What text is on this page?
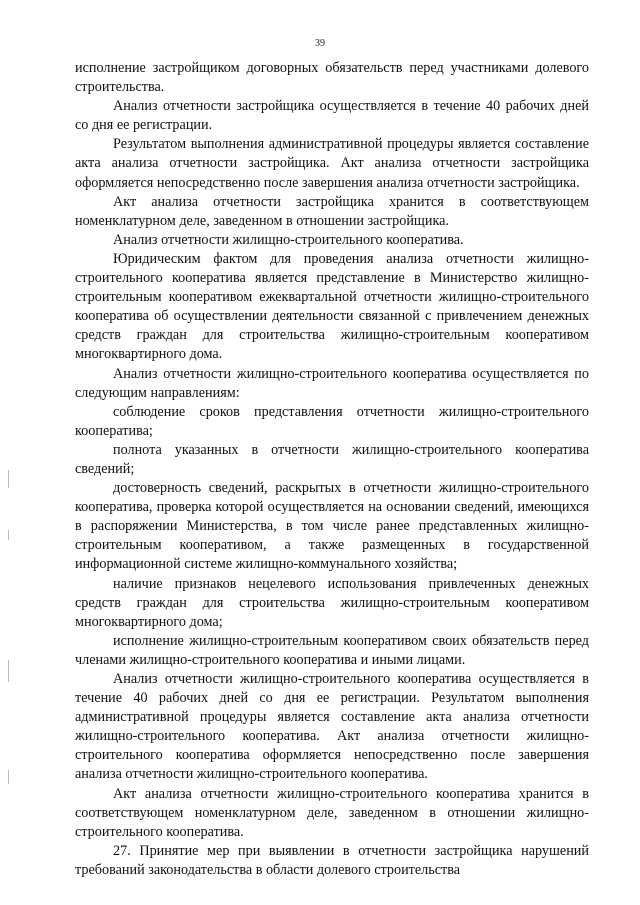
39

исполнение застройщиком договорных обязательств перед участниками долевого строительства.

Анализ отчетности застройщика осуществляется в течение 40 рабочих дней со дня ее регистрации.

Результатом выполнения административной процедуры является составление акта анализа отчетности застройщика. Акт анализа отчетности застройщика оформляется непосредственно после завершения анализа отчетности застройщика.

Акт анализа отчетности застройщика хранится в соответствующем номенклатурном деле, заведенном в отношении застройщика.

Анализ отчетности жилищно-строительного кооператива.

Юридическим фактом для проведения анализа отчетности жилищно-строительного кооператива является представление в Министерство жилищно-строительным кооперативом ежеквартальной отчетности жилищно-строительного кооператива об осуществлении деятельности связанной с привлечением денежных средств граждан для строительства жилищно-строительным кооперативом многоквартирного дома.

Анализ отчетности жилищно-строительного кооператива осуществляется по следующим направлениям:

соблюдение сроков представления отчетности жилищно-строительного кооператива;

полнота указанных в отчетности жилищно-строительного кооператива сведений;

достоверность сведений, раскрытых в отчетности жилищно-строительного кооператива, проверка которой осуществляется на основании сведений, имеющихся в распоряжении Министерства, в том числе ранее представленных жилищно-строительным кооперативом, а также размещенных в государственной информационной системе жилищно-коммунального хозяйства;

наличие признаков нецелевого использования привлеченных денежных средств граждан для строительства жилищно-строительным кооперативом многоквартирного дома;

исполнение жилищно-строительным кооперативом своих обязательств перед членами жилищно-строительного кооператива и иными лицами.

Анализ отчетности жилищно-строительного кооператива осуществляется в течение 40 рабочих дней со дня ее регистрации. Результатом выполнения административной процедуры является составление акта анализа отчетности жилищно-строительного кооператива. Акт анализа отчетности жилищно-строительного кооператива оформляется непосредственно после завершения анализа отчетности жилищно-строительного кооператива.

Акт анализа отчетности жилищно-строительного кооператива хранится в соответствующем номенклатурном деле, заведенном в отношении жилищно-строительного кооператива.

27. Принятие мер при выявлении в отчетности застройщика нарушений требований законодательства в области долевого строительства
